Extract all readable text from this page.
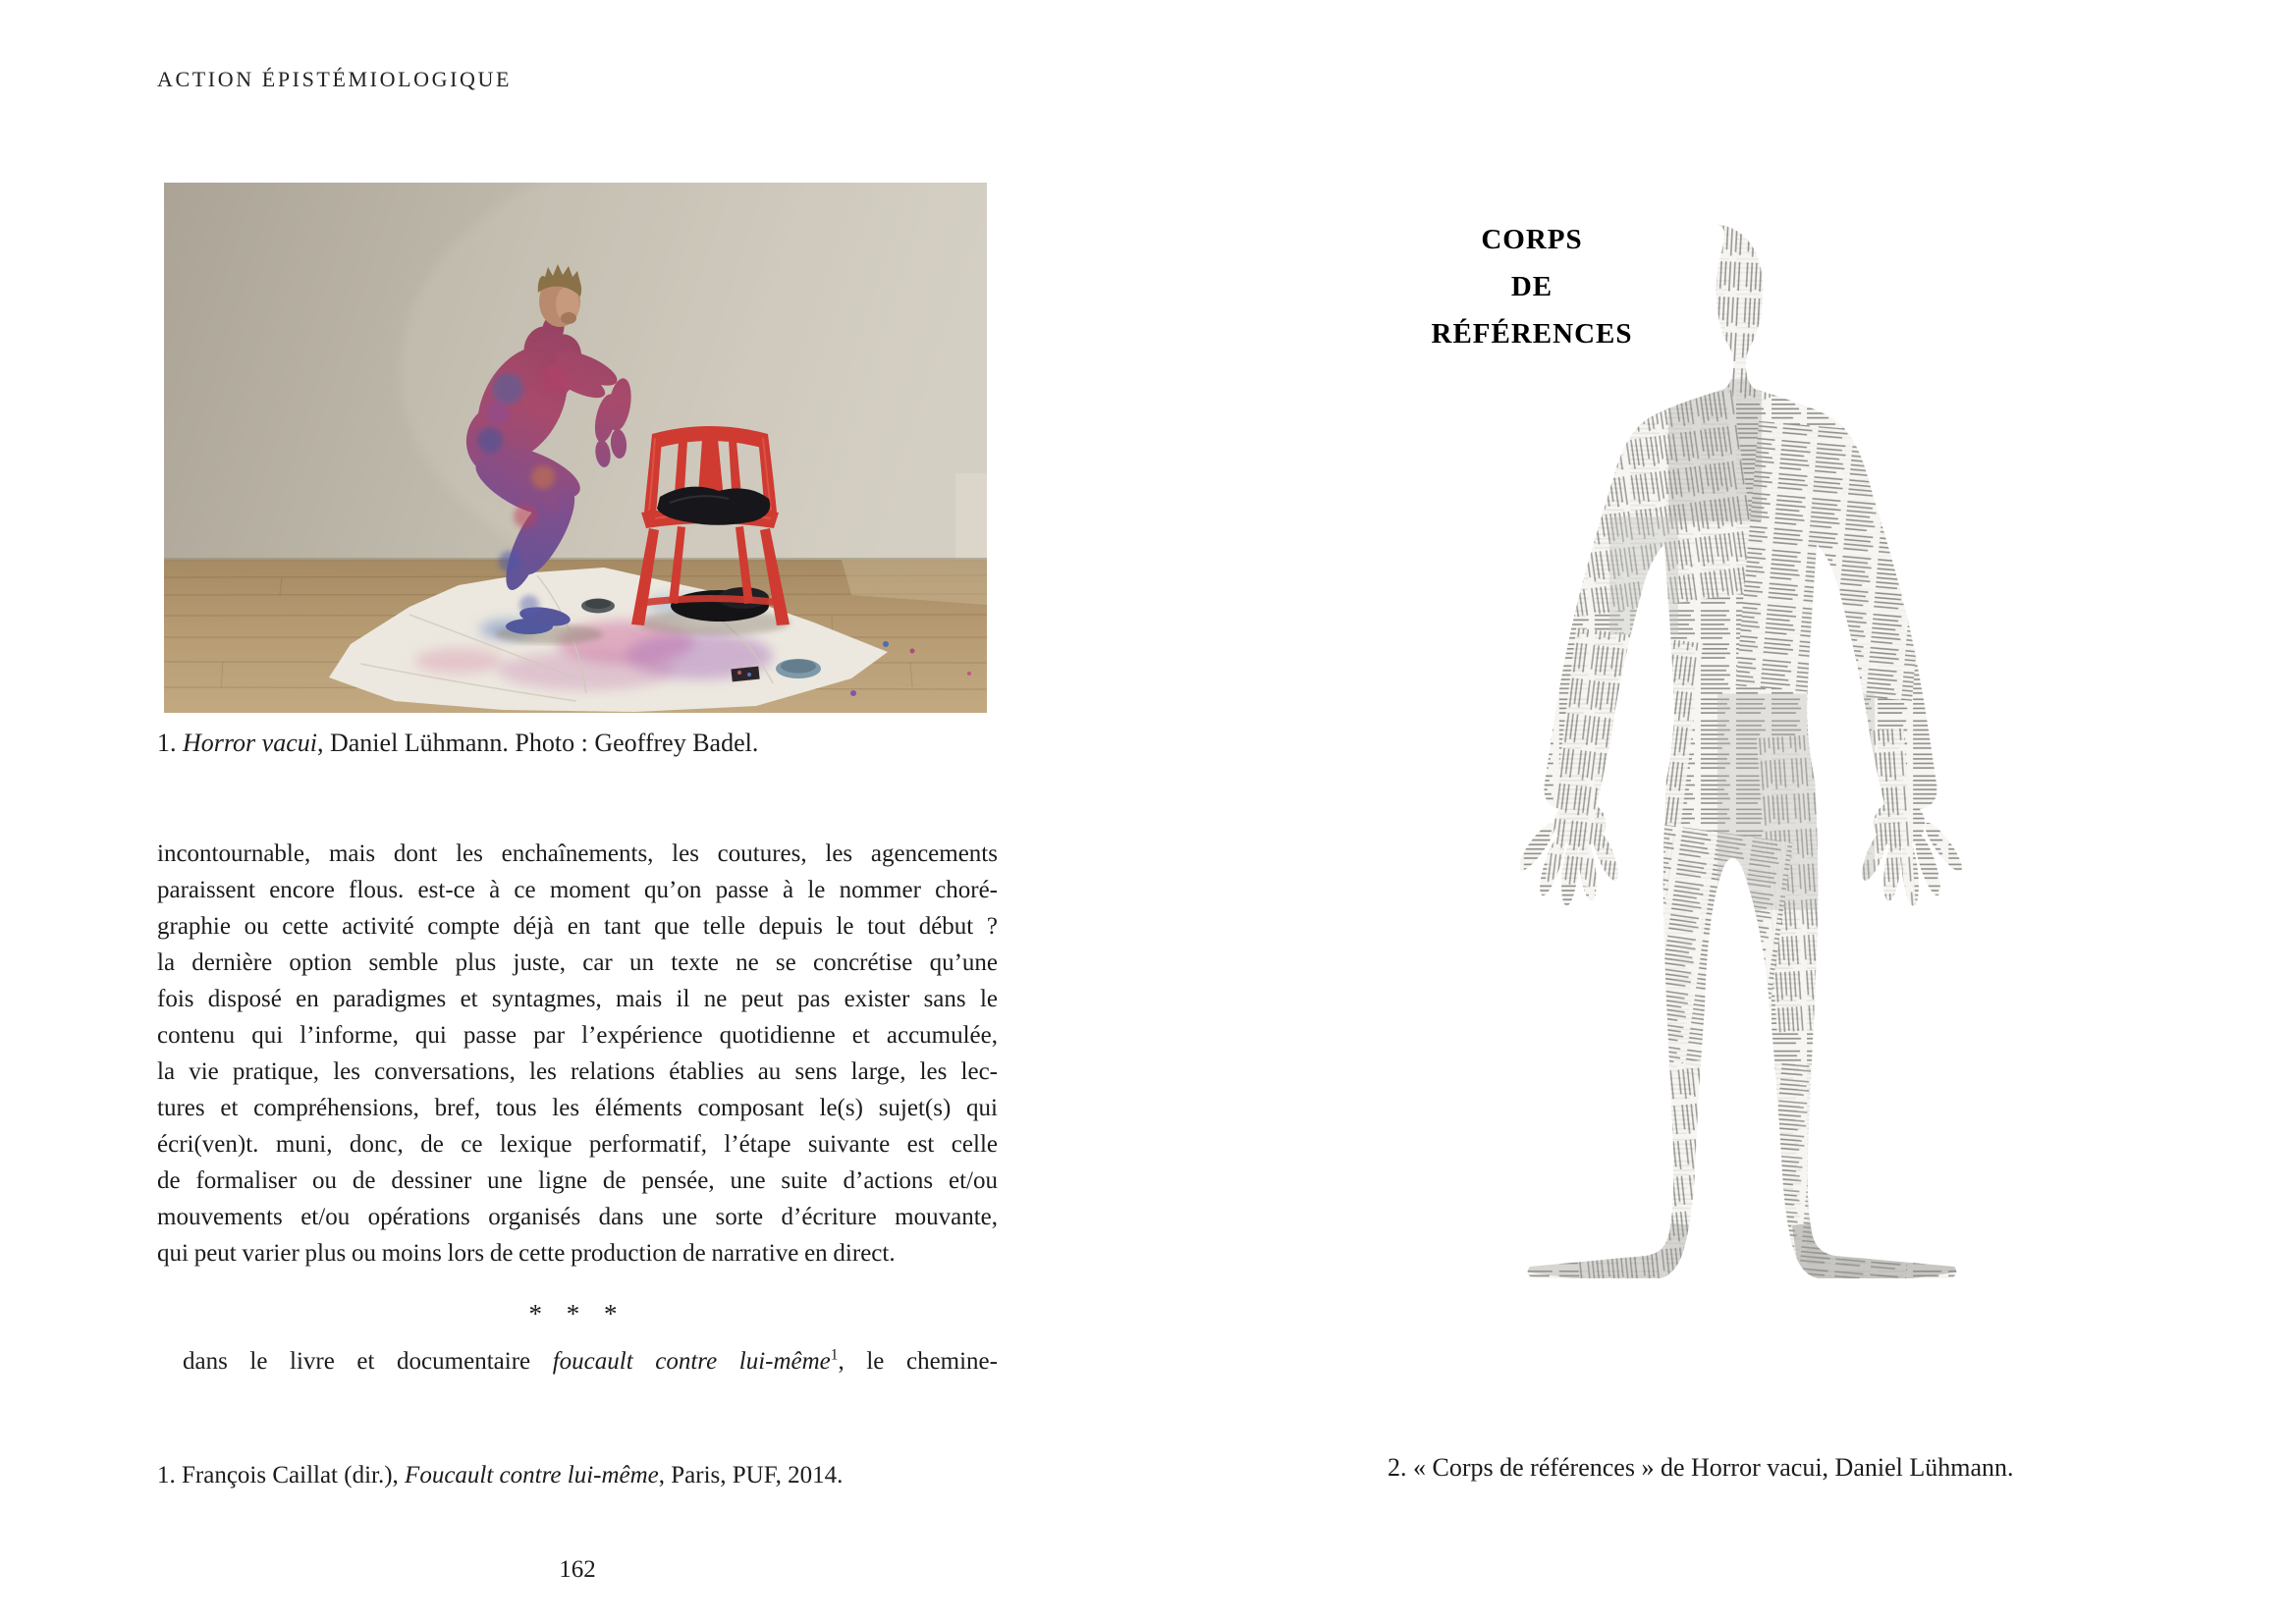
ACTION ÉPISTÉMIOLOGIQUE
1. Horror vacui, Daniel Lühmann. Photo : Geoffrey Badel.
incontournable, mais dont les enchaînements, les coutures, les agencements
paraissent encore flous. est-ce à ce moment qu’on passe à le nommer choré-
graphie ou cette activité compte déjà en tant que telle depuis le tout début ?
la dernière option semble plus juste, car un texte ne se concrétise qu’une
fois disposé en paradigmes et syntagmes, mais il ne peut pas exister sans le
contenu qui l’informe, qui passe par l’expérience quotidienne et accumulée,
la vie pratique, les conversations, les relations établies au sens large, les lec-
tures et compréhensions, bref, tous les éléments composant le(s) sujet(s) qui
écri(ven)t. muni, donc, de ce lexique performatif, l’étape suivante est celle
de formaliser ou de dessiner une ligne de pensée, une suite d’actions et/ou
mouvements et/ou opérations organisés dans une sorte d’écriture mouvante,
qui peut varier plus ou moins lors de cette production de narrative en direct.
* * *

dans le livre et documentaire foucault contre lui-même$^1$, le chemine-

1. François Caillat (dir.), Foucault contre lui-même, Paris, PUF, 2014.

162
corps
de
références
2. « Corps de références » de Horror vacui, Daniel Lühmann.
